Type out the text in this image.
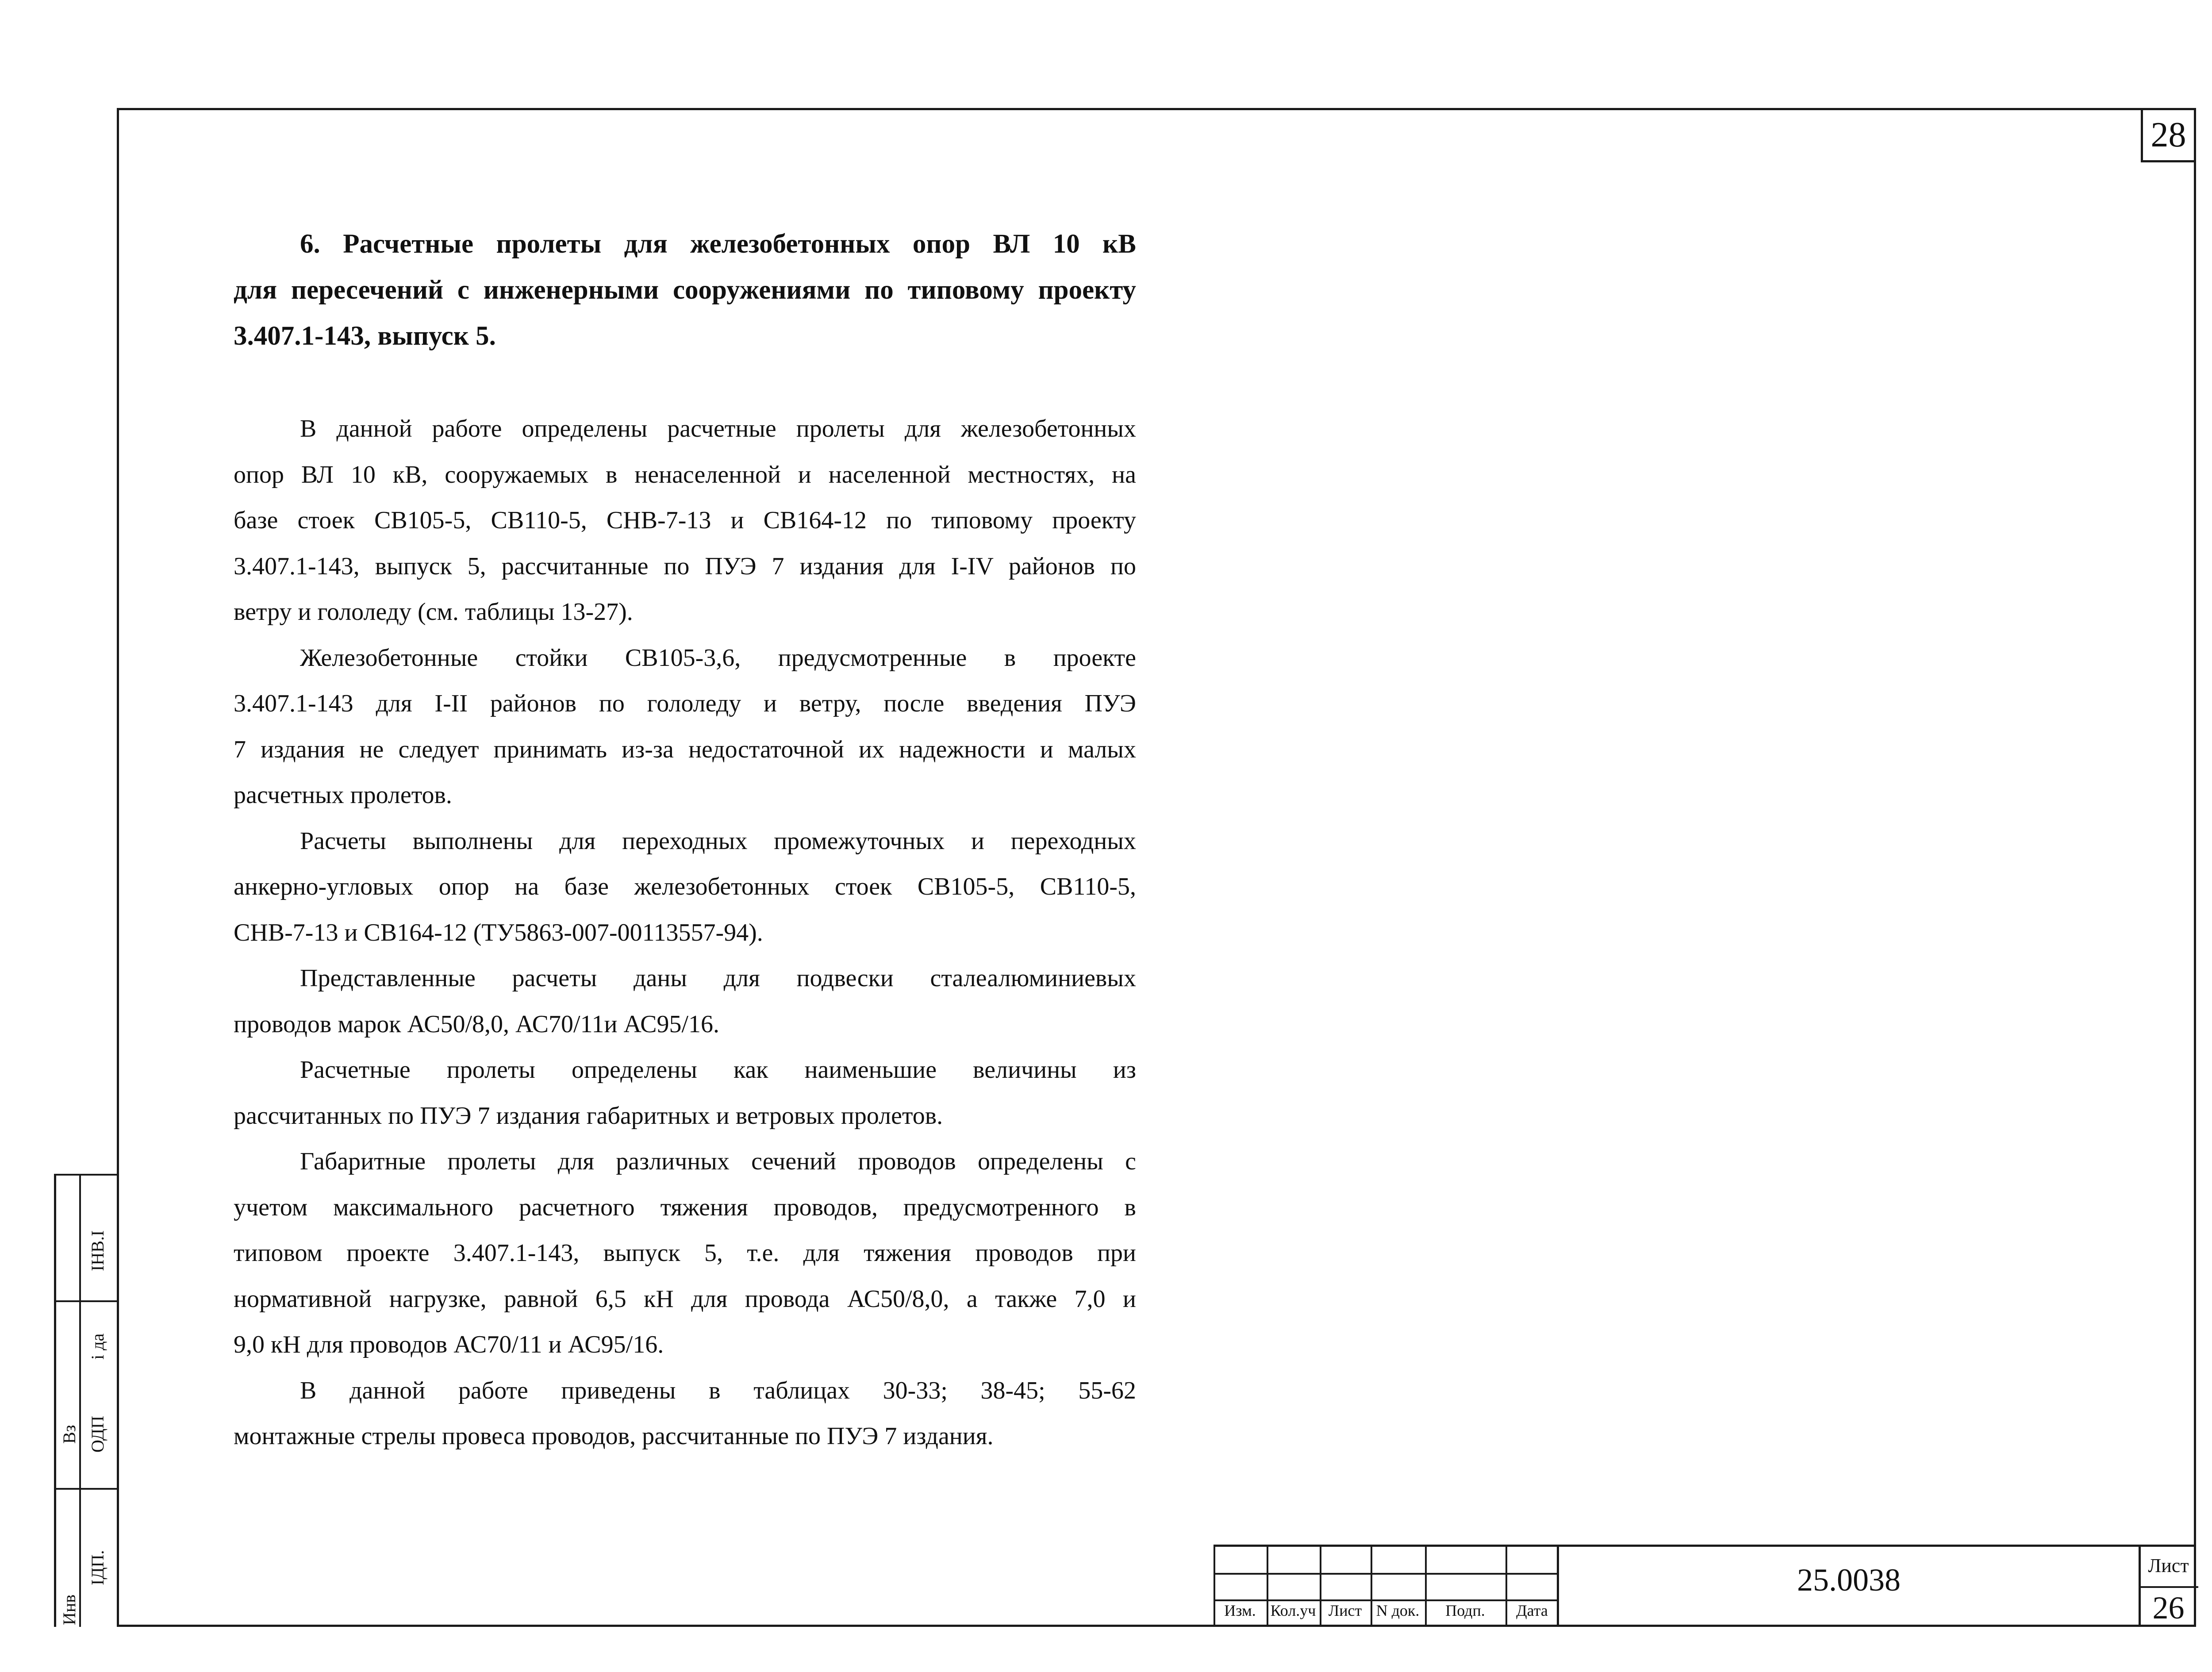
28
6. Расчетные пролеты для железобетонных опор ВЛ 10 кВ
для пересечений с инженерными сооружениями по типовому проекту
3.407.1-143, выпуск 5.
В данной работе определены расчетные пролеты для железобетонных
опор ВЛ 10 кВ, сооружаемых в ненаселенной и населенной местностях, на
базе стоек СВ105-5, СВ110-5, СНВ-7-13 и СВ164-12 по типовому проекту
3.407.1-143, выпуск 5, рассчитанные по ПУЭ 7 издания для I-IV районов по
ветру и гололеду (см. таблицы 13-27).
Железобетонные стойки СВ105-3,6, предусмотренные в проекте
3.407.1-143 для I-II районов по гололеду и ветру, после введения ПУЭ
7 издания не следует принимать из-за недостаточной их надежности и малых
расчетных пролетов.
Расчеты выполнены для переходных промежуточных и переходных
анкерно-угловых опор на базе железобетонных стоек СВ105-5, СВ110-5,
СНВ-7-13 и СВ164-12 (ТУ5863-007-00113557-94).
Представленные расчеты даны для подвески сталеалюминиевых
проводов марок АС50/8,0, АС70/11и АС95/16.
Расчетные пролеты определены как наименьшие величины из
рассчитанных по ПУЭ 7 издания габаритных и ветровых пролетов.
Габаритные пролеты для различных сечений проводов определены с
учетом максимального расчетного тяжения проводов, предусмотренного в
типовом проекте 3.407.1-143, выпуск 5, т.е. для тяжения проводов при
нормативной нагрузке, равной 6,5 кН для провода АС50/8,0, а также 7,0 и
9,0 кН для проводов АС70/11 и АС95/16.
В данной работе приведены в таблицах 30-33; 38-45; 55-62
монтажные стрелы провеса проводов, рассчитанные по ПУЭ 7 издания.
Инв
Вз
ІДП.
ОДП
і да
ІНВ.І
Изм. Кол.уч Лист N док.	Подп.	Дата
25.0038	Лист
26
